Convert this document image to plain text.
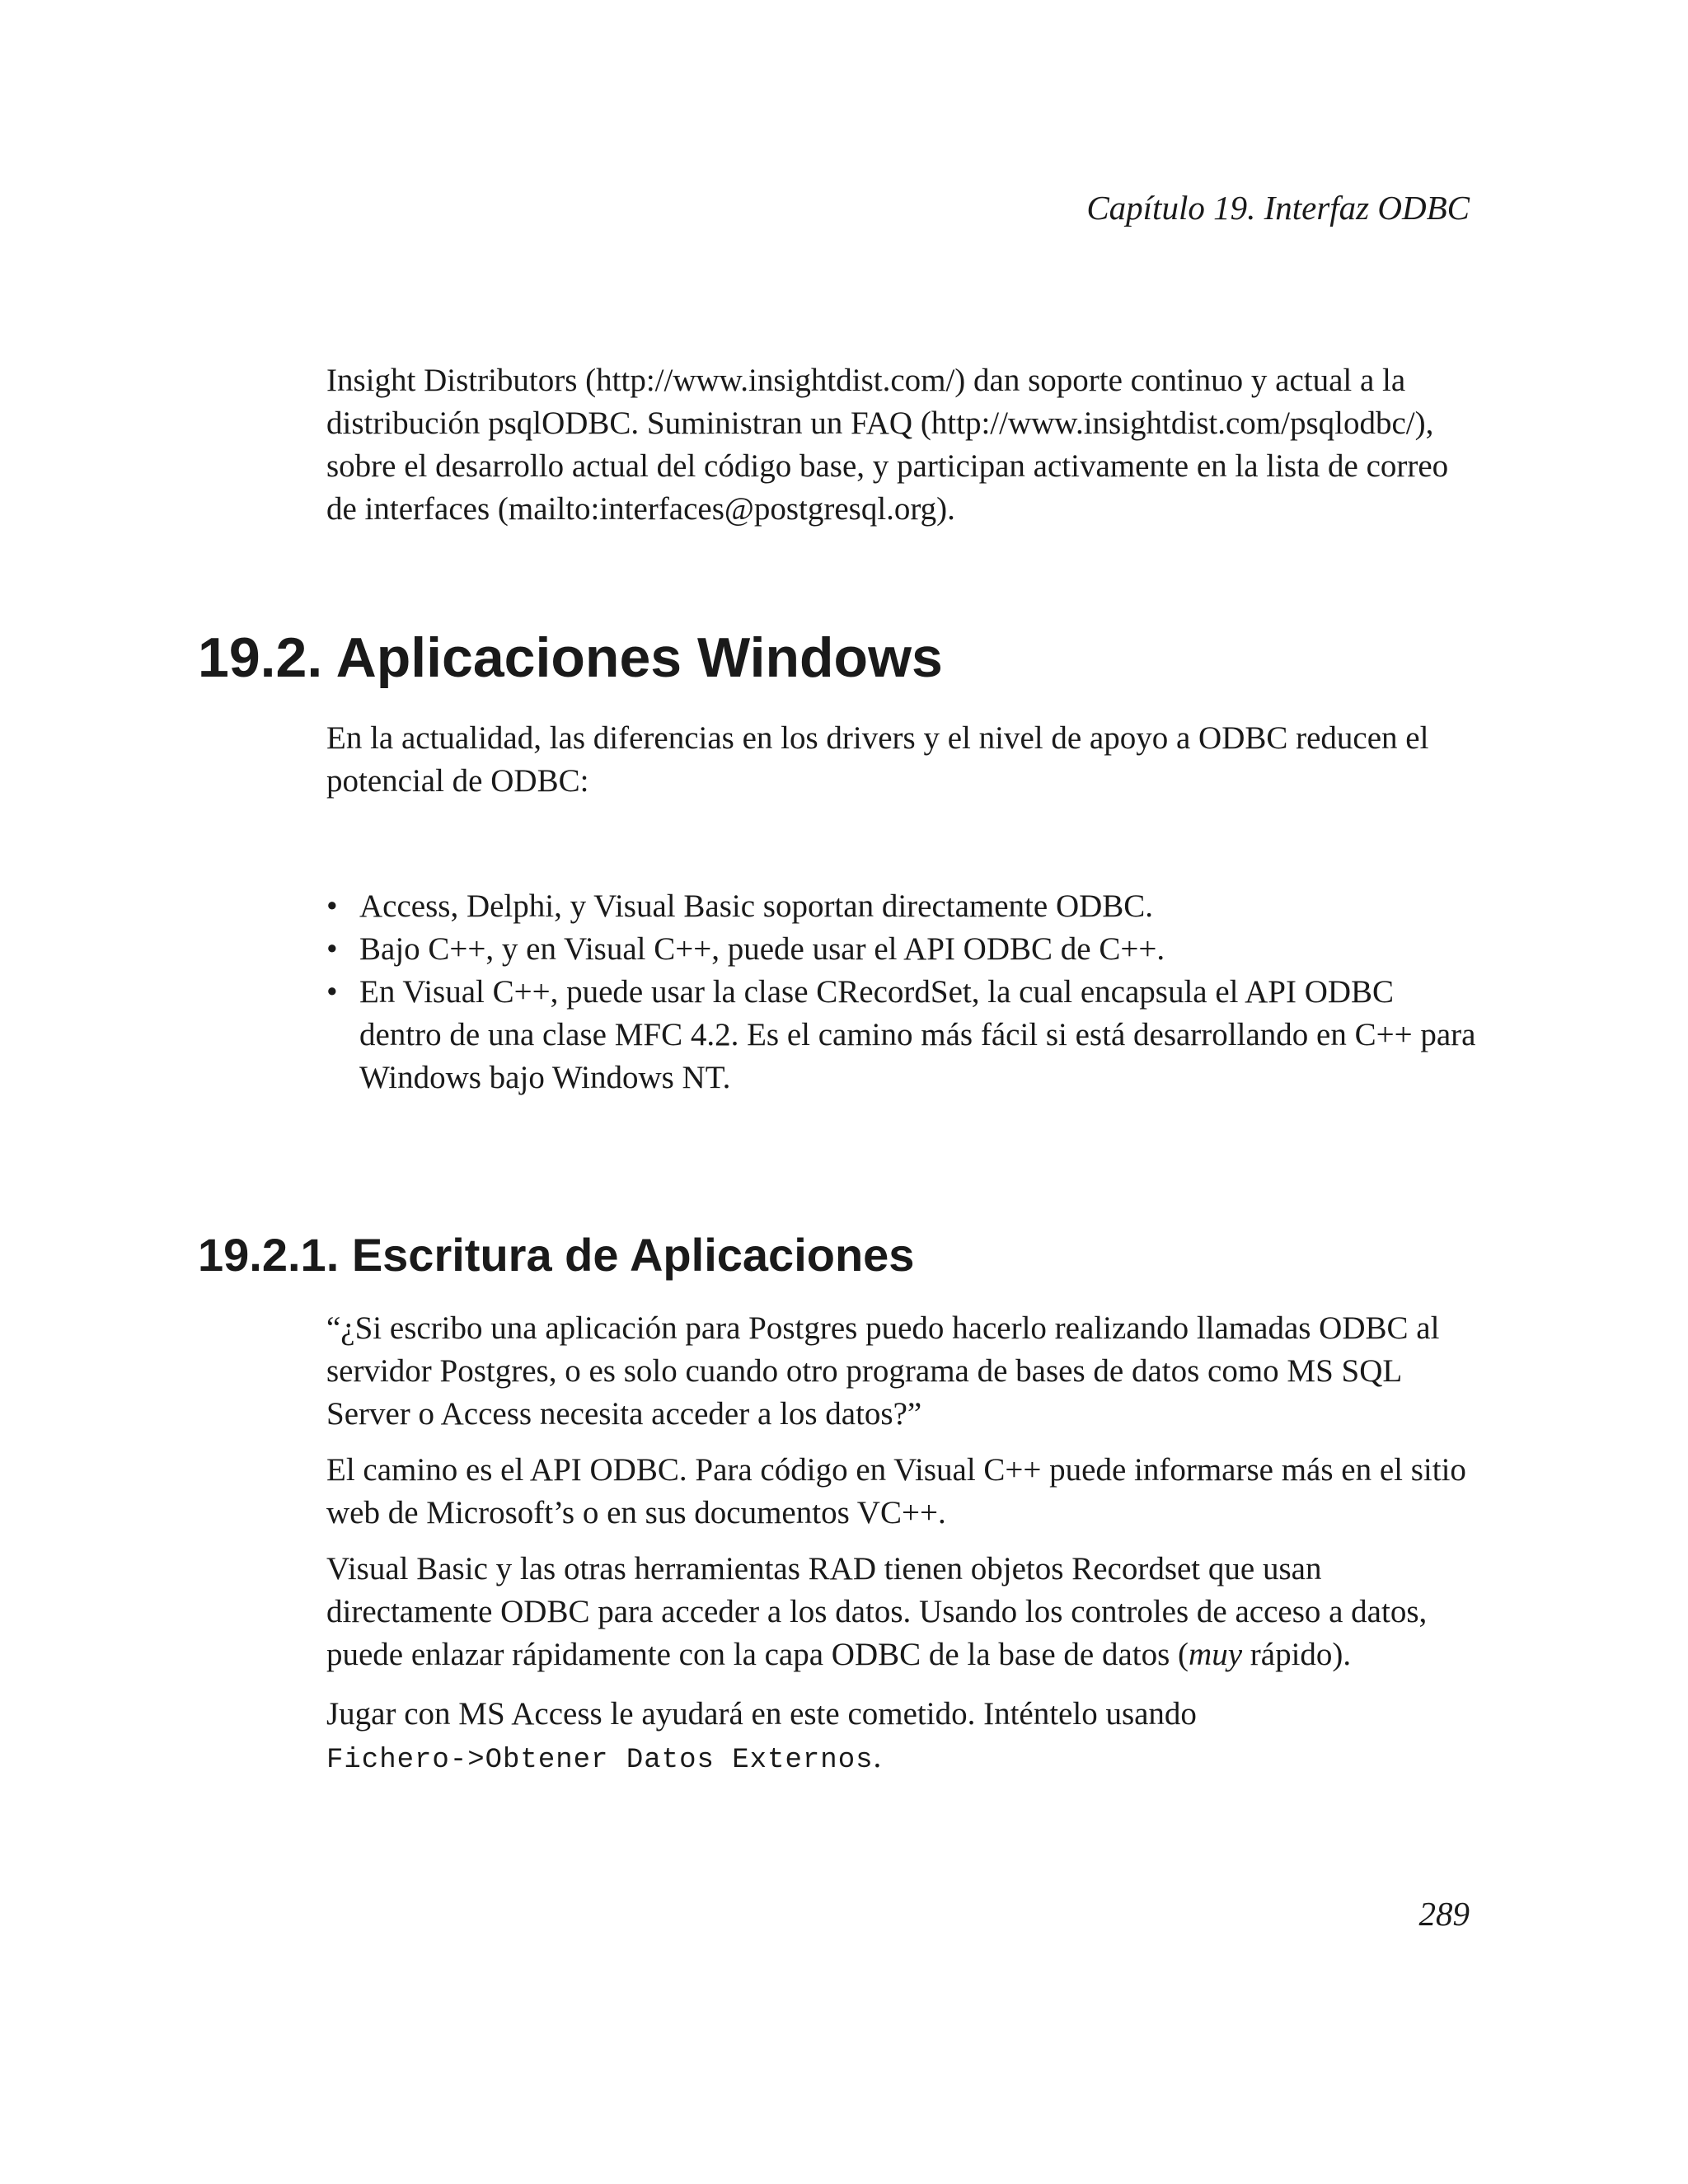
Capítulo 19. Interfaz ODBC

Insight Distributors (http://www.insightdist.com/) dan soporte continuo y actual a la distribución psqlODBC. Suministran un FAQ (http://www.insightdist.com/psqlodbc/), sobre el desarrollo actual del código base, y participan activamente en la lista de correo de interfaces (mailto:interfaces@postgresql.org).

19.2. Aplicaciones Windows

En la actualidad, las diferencias en los drivers y el nivel de apoyo a ODBC reducen el potencial de ODBC:

• Access, Delphi, y Visual Basic soportan directamente ODBC.
• Bajo C++, y en Visual C++, puede usar el API ODBC de C++.
• En Visual C++, puede usar la clase CRecordSet, la cual encapsula el API ODBC dentro de una clase MFC 4.2. Es el camino más fácil si está desarrollando en C++ para Windows bajo Windows NT.
19.2.1. Escritura de Aplicaciones

“¿Si escribo una aplicación para Postgres puedo hacerlo realizando llamadas ODBC al servidor Postgres, o es solo cuando otro programa de bases de datos como MS SQL Server o Access necesita acceder a los datos?”

El camino es el API ODBC. Para código en Visual C++ puede informarse más en el sitio web de Microsoft’s o en sus documentos VC++.

Visual Basic y las otras herramientas RAD tienen objetos Recordset que usan directamente ODBC para acceder a los datos. Usando los controles de acceso a datos, puede enlazar rápidamente con la capa ODBC de la base de datos (muy rápido).

Jugar con MS Access le ayudará en este cometido. Inténtelo usando
Fichero->Obtener Datos Externos.

289
